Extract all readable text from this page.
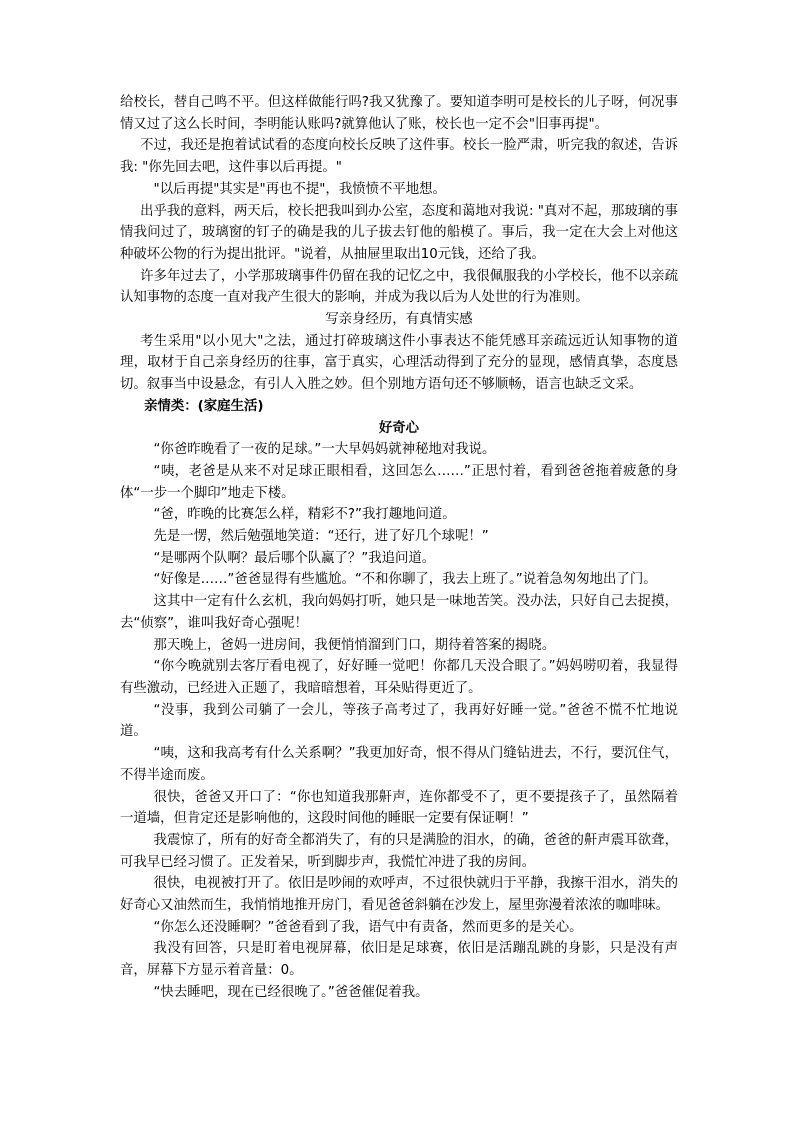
给校长，替自己鸣不平。但这样做能行吗?我又犹豫了。要知道李明可是校长的儿子呀，何况事情又过了这么长时间，李明能认账吗?就算他认了账，校长也一定不会"旧事再提"。

不过，我还是抱着试试看的态度向校长反映了这件事。校长一脸严肃，听完我的叙述，告诉我: "你先回去吧，这件事以后再提。"

"以后再提"其实是"再也不提"，我愤愤不平地想。

出乎我的意料，两天后，校长把我叫到办公室，态度和蔼地对我说: "真对不起，那玻璃的事情我问过了，玻璃窗的钉子的确是我的儿子拔去钉他的船模了。事后，我一定在大会上对他这种破坏公物的行为提出批评。"说着，从抽屉里取出10元钱，还给了我。

许多年过去了，小学那玻璃事件仍留在我的记忆之中，我很佩服我的小学校长，他不以亲疏认知事物的态度一直对我产生很大的影响，并成为我以后为人处世的行为准则。

写亲身经历，有真情实感

考生采用"以小见大"之法，通过打碎玻璃这件小事表达不能凭感耳亲疏远近认知事物的道理，取材于自己亲身经历的往事，富于真实，心理活动得到了充分的显现，感情真挚，态度恳切。叙事当中设悬念，有引人入胜之妙。但个别地方语句还不够顺畅，语言也缺乏文采。

亲情类：(家庭生活)

好奇心

“你爸昨晚看了一夜的足球。”一大早妈妈就神秘地对我说。

“咦，老爸是从来不对足球正眼相看，这回怎么……”正思忖着，看到爸爸拖着疲惫的身体“一步一个脚印”地走下楼。

“爸，昨晚的比赛怎么样，精彩不?”我打趣地问道。

先是一愣，然后勉强地笑道：“还行，进了好几个球呢！”

“是哪两个队啊？最后哪个队赢了？”我追问道。

“好像是……”爸爸显得有些尴尬。“不和你聊了，我去上班了。”说着急匆匆地出了门。

这其中一定有什么玄机，我向妈妈打听，她只是一味地苦笑。没办法，只好自己去捉摸，去“侦察”，谁叫我好奇心强呢！

那天晚上，爸妈一进房间，我便悄悄溜到门口，期待着答案的揭晓。

“你今晚就别去客厅看电视了，好好睡一觉吧！你都几天没合眼了。”妈妈唠叨着，我显得有些激动，已经进入正题了，我暗暗想着，耳朵贴得更近了。

“没事，我到公司躺了一会儿，等孩子高考过了，我再好好睡一觉。”爸爸不慌不忙地说道。

“咦，这和我高考有什么关系啊？”我更加好奇，恨不得从门缝钻进去，不行，要沉住气，不得半途而废。

很快，爸爸又开口了：“你也知道我那鼾声，连你都受不了，更不要提孩子了，虽然隔着一道墙，但肯定还是影响他的，这段时间他的睡眠一定要有保证啊！”

我震惊了，所有的好奇全都消失了，有的只是满脸的泪水，的确，爸爸的鼾声震耳欲聋，可我早已经习惯了。正发着呆，听到脚步声，我慌忙冲进了我的房间。

很快，电视被打开了。依旧是吵闹的欢呼声，不过很快就归于平静，我擦干泪水，消失的好奇心又油然而生，我悄悄地推开房门，看见爸爸斜躺在沙发上，屋里弥漫着浓浓的咖啡味。

“你怎么还没睡啊？”爸爸看到了我，语气中有责备，然而更多的是关心。

我没有回答，只是盯着电视屏幕，依旧是足球赛，依旧是活蹦乱跳的身影，只是没有声音，屏幕下方显示着音量：0。

“快去睡吧，现在已经很晚了。”爸爸催促着我。
